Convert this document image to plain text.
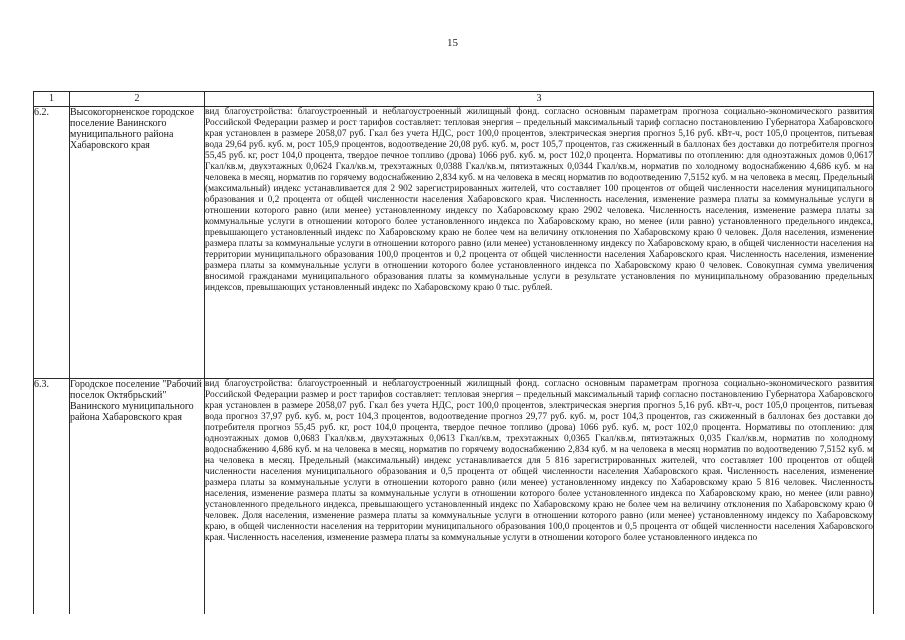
15
1	2	3
6.2.	Высокогорненское городское поселение Ванинского муниципального района Хабаровского края	вид благоустройства: благоустроенный и неблагоустроенный жилищный фонд. согласно основным параметрам прогноза социально-экономического развития Российской Федерации размер и рост тарифов составляет: тепловая энергия – предельный максимальный тариф согласно постановлению Губернатора Хабаровского края установлен в размере 2058,07 руб. Гкал без учета НДС, рост 100,0 процентов, электрическая энергия прогноз 5,16 руб. кВт-ч, рост 105,0 процентов, питьевая вода 29,64 руб. куб. м, рост 105,9 процентов, водоотведение 20,08 руб. куб. м, рост 105,7 процентов, газ сжиженный в баллонах без доставки до потребителя прогноз 55,45 руб. кг, рост 104,0 процента, твердое печное топливо (дрова) 1066 руб. куб. м, рост 102,0 процента. Нормативы по отоплению: для одноэтажных домов 0,0617 Гкал/кв.м, двухэтажных 0,0624 Гкал/кв.м, трехэтажных 0,0388 Гкал/кв.м, пятиэтажных 0,0344 Гкал/кв.м, норматив по холодному водоснабжению 4,686 куб. м на человека в месяц, норматив по горячему водоснабжению 2,834 куб. м на человека в месяц норматив по водоотведению 7,5152 куб. м на человека в месяц. Предельный (максимальный) индекс устанавливается для 2 902 зарегистрированных жителей, что составляет 100 процентов от общей численности населения муниципального образования и 0,2 процента от общей численности населения Хабаровского края. Численность населения, изменение размера платы за коммунальные услуги в отношении которого равно (или менее) установленному индексу по Хабаровскому краю 2902 человека. Численность населения, изменение размера платы за коммунальные услуги в отношении которого более установленного индекса по Хабаровскому краю, но менее (или равно) установленного предельного индекса, превышающего установленный индекс по Хабаровскому краю не более чем на величину отклонения по Хабаровскому краю 0 человек. Доля населения, изменение размера платы за коммунальные услуги в отношении которого равно (или менее) установленному индексу по Хабаровскому краю, в общей численности населения на территории муниципального образования 100,0 процентов и 0,2 процента от общей численности населения Хабаровского края. Численность населения, изменение размера платы за коммунальные услуги в отношении которого более установленного индекса по Хабаровскому краю 0 человек. Совокупная сумма увеличения вносимой гражданами муниципального образования платы за коммунальные услуги в результате установления по муниципальному образованию предельных индексов, превышающих установленный индекс по Хабаровскому краю 0 тыс. рублей.

6.3.	Городское поселение "Рабочий поселок Октябрьский" Ванинского муниципального района Хабаровского края	вид благоустройства: благоустроенный и неблагоустроенный жилищный фонд. согласно основным параметрам прогноза социально-экономического развития Российской Федерации размер и рост тарифов составляет: тепловая энергия – предельный максимальный тариф согласно постановлению Губернатора Хабаровского края установлен в размере 2058,07 руб. Гкал без учета НДС, рост 100,0 процентов, электрическая энергия прогноз 5,16 руб. кВт-ч, рост 105,0 процентов, питьевая вода прогноз 37,97 руб. куб. м, рост 104,3 процентов, водоотведение прогноз 29,77 руб. куб. м, рост 104,3 процентов, газ сжиженный в баллонах без доставки до потребителя прогноз 55,45 руб. кг, рост 104,0 процента, твердое печное топливо (дрова) 1066 руб. куб. м, рост 102,0 процента. Нормативы по отоплению: для одноэтажных домов 0,0683 Гкал/кв.м, двухэтажных 0,0613 Гкал/кв.м, трехэтажных 0,0365 Гкал/кв.м, пятиэтажных 0,035 Гкал/кв.м, норматив по холодному водоснабжению 4,686 куб. м на человека в месяц, норматив по горячему водоснабжению 2,834 куб. м на человека в месяц норматив по водоотведению 7,5152 куб. м на человека в месяц. Предельный (максимальный) индекс устанавливается для 5 816 зарегистрированных жителей, что составляет 100 процентов от общей численности населения муниципального образования и 0,5 процента от общей численности населения Хабаровского края. Численность населения, изменение размера платы за коммунальные услуги в отношении которого равно (или менее) установленному индексу по Хабаровскому краю 5 816 человек. Численность населения, изменение размера платы за коммунальные услуги в отношении которого более установленного индекса по Хабаровскому краю, но менее (или равно) установленного предельного индекса, превышающего установленный индекс по Хабаровскому краю не более чем на величину отклонения по Хабаровскому краю 0 человек. Доля населения, изменение размера платы за коммунальные услуги в отношении которого равно (или менее) установленному индексу по Хабаровскому краю, в общей численности населения на территории муниципального образования 100,0 процентов и 0,5 процента от общей численности населения Хабаровского края. Численность населения, изменение размера платы за коммунальные услуги в отношении которого более установленного индекса по
